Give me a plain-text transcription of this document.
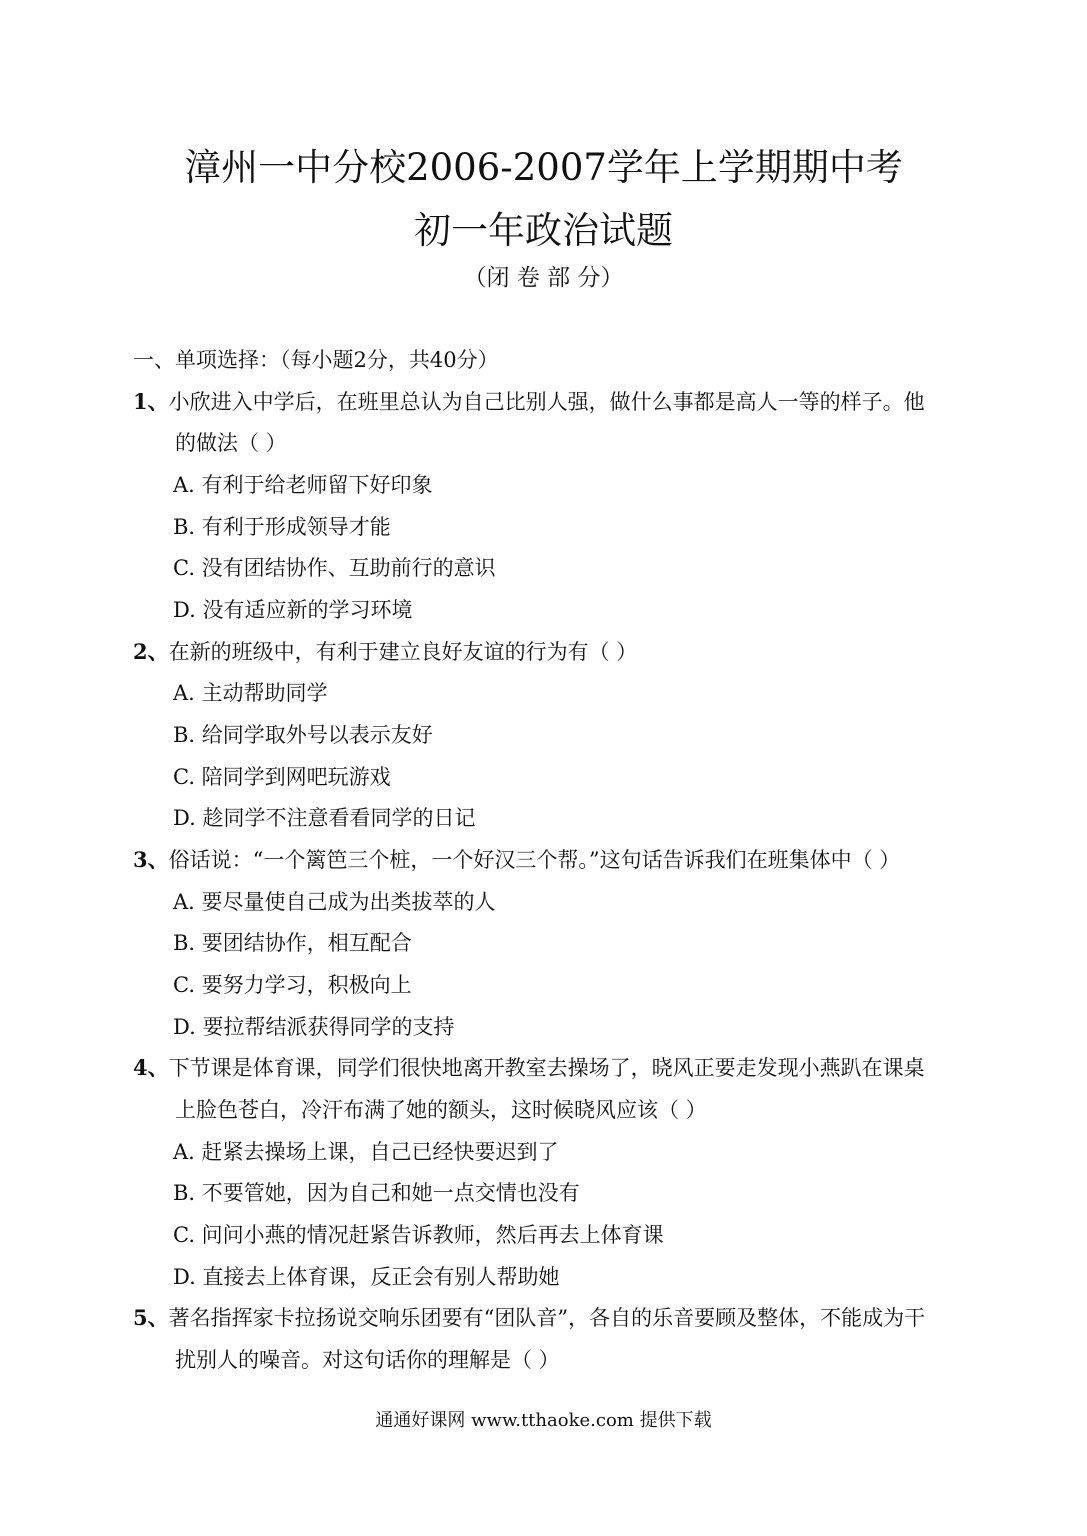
漳州一中分校2006-2007学年上学期期中考
初一年政治试题
（闭 卷 部 分）
一、单项选择：（每小题2分，共40分）
1、小欣进入中学后，在班里总认为自己比别人强，做什么事都是高人一等的样子。他
的做法（ ）
A. 有利于给老师留下好印象
B. 有利于形成领导才能
C. 没有团结协作、互助前行的意识
D. 没有适应新的学习环境
2、在新的班级中，有利于建立良好友谊的行为有（ ）
A. 主动帮助同学
B. 给同学取外号以表示友好
C. 陪同学到网吧玩游戏
D. 趁同学不注意看看同学的日记
3、俗话说：“一个篱笆三个桩，一个好汉三个帮。”这句话告诉我们在班集体中（ ）
A. 要尽量使自己成为出类拔萃的人
B. 要团结协作，相互配合
C. 要努力学习，积极向上
D. 要拉帮结派获得同学的支持
4、下节课是体育课，同学们很快地离开教室去操场了，晓风正要走发现小燕趴在课桌
上脸色苍白，冷汗布满了她的额头，这时候晓风应该（ ）
A. 赶紧去操场上课，自己已经快要迟到了
B. 不要管她，因为自己和她一点交情也没有
C. 问问小燕的情况赶紧告诉教师，然后再去上体育课
D. 直接去上体育课，反正会有别人帮助她
5、著名指挥家卡拉扬说交响乐团要有“团队音”，各自的乐音要顾及整体，不能成为干
扰别人的噪音。对这句话你的理解是（ ）
通通好课网 www.tthaoke.com 提供下载
